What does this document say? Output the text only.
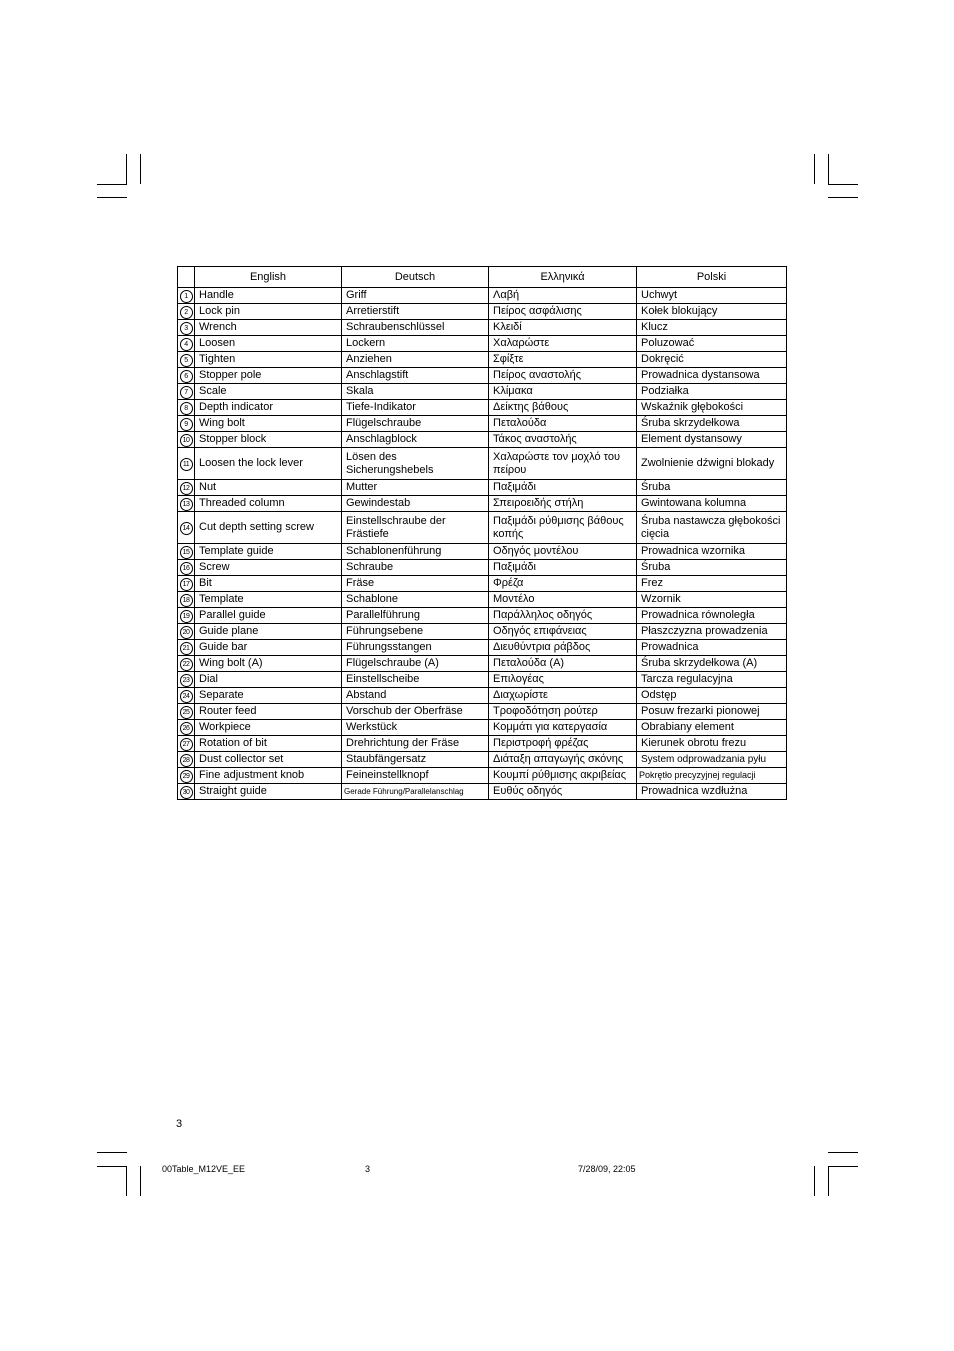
	English	Deutsch	Ελληνικά	Polski
1	Handle	Griff	Λαβή	Uchwyt
2	Lock pin	Arretierstift	Πείρος ασφάλισης	Kołek blokujący
3	Wrench	Schraubenschlüssel	Κλειδί	Klucz
4	Loosen	Lockern	Χαλαρώστε	Poluzować
5	Tighten	Anziehen	Σφίξτε	Dokręcić
6	Stopper pole	Anschlagstift	Πείρος αναστολής	Prowadnica dystansowa
7	Scale	Skala	Κλίμακα	Podziałka
8	Depth indicator	Tiefe-Indikator	Δείκτης βάθους	Wskaźnik głębokości
9	Wing bolt	Flügelschraube	Πεταλούδα	Śruba skrzydełkowa
10	Stopper block	Anschlagblock	Τάκος αναστολής	Element dystansowy
11	Loosen the lock lever	Lösen des Sicherungshebels	Χαλαρώστε τον μοχλό του πείρου	Zwolnienie dźwigni blokady
12	Nut	Mutter	Παξιμάδι	Śruba
13	Threaded column	Gewindestab	Σπειροειδής στήλη	Gwintowana kolumna
14	Cut depth setting screw	Einstellschraube der Frästiefe	Παξιμάδι ρύθμισης βάθους κοπής	Śruba nastawcza głębokości cięcia
15	Template guide	Schablonenführung	Οδηγός μοντέλου	Prowadnica wzornika
16	Screw	Schraube	Παξιμάδι	Śruba
17	Bit	Fräse	Φρέζα	Frez
18	Template	Schablone	Μοντέλο	Wzornik
19	Parallel guide	Parallelführung	Παράλληλος οδηγός	Prowadnica równoległa
20	Guide plane	Führungsebene	Οδηγός επιφάνειας	Płaszczyzna prowadzenia
21	Guide bar	Führungsstangen	Διευθύντρια ράβδος	Prowadnica
22	Wing bolt (A)	Flügelschraube (A)	Πεταλούδα (A)	Śruba skrzydełkowa (A)
23	Dial	Einstellscheibe	Επιλογέας	Tarcza regulacyjna
24	Separate	Abstand	Διαχωρίστε	Odstęp
25	Router feed	Vorschub der Oberfräse	Τροφοδότηση ρούτερ	Posuw frezarki pionowej
26	Workpiece	Werkstück	Κομμάτι για κατεργασία	Obrabiany element
27	Rotation of bit	Drehrichtung der Fräse	Περιστροφή φρέζας	Kierunek obrotu frezu
28	Dust collector set	Staubfängersatz	Διάταξη απαγωγής σκόνης	System odprowadzania pyłu
29	Fine adjustment knob	Feineinstellknopf	Κουμπί ρύθμισης ακριβείας	Pokrętło precyzyjnej regulacji
30	Straight guide	Gerade Führung/Parallelanschlag	Ευθύς οδηγός	Prowadnica wzdłużna
3
00Table_M12VE_EE	3	7/28/09, 22:05
